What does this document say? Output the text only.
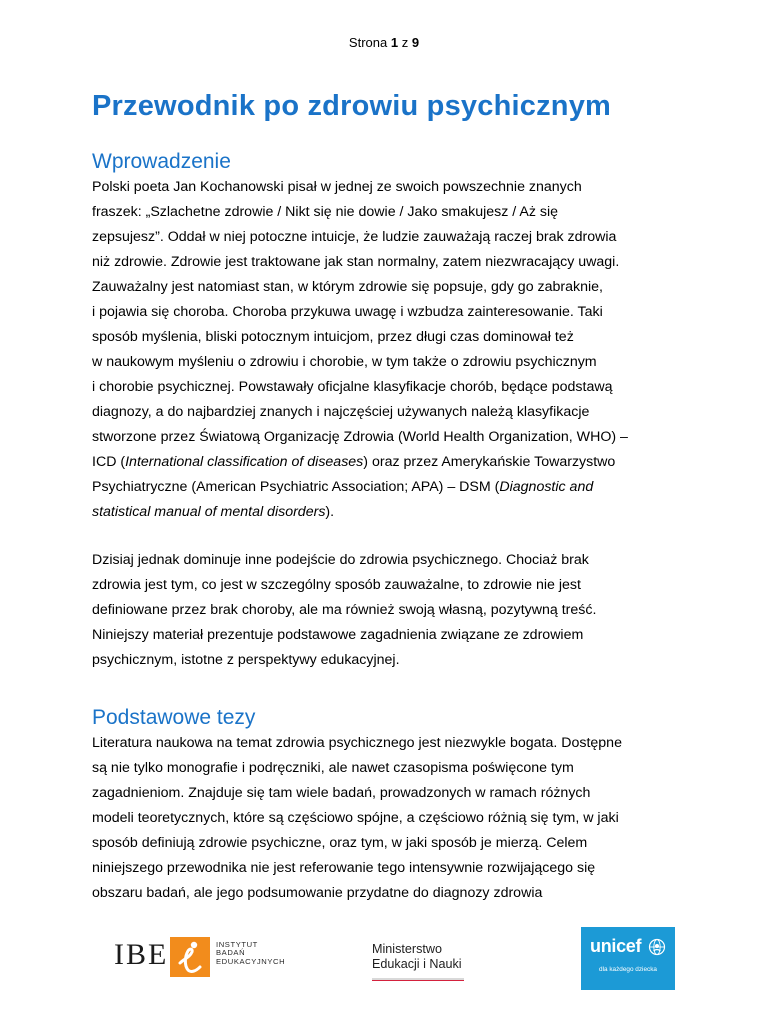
Strona 1 z 9
Przewodnik po zdrowiu psychicznym
Wprowadzenie
Polski poeta Jan Kochanowski pisał w jednej ze swoich powszechnie znanych
fraszek: „Szlachetne zdrowie / Nikt się nie dowie / Jako smakujesz / Aż się
zepsujesz”. Oddał w niej potoczne intuicje, że ludzie zauważają raczej brak zdrowia
niż zdrowie. Zdrowie jest traktowane jak stan normalny, zatem niezwracający uwagi.
Zauważalny jest natomiast stan, w którym zdrowie się popsuje, gdy go zabraknie,
i pojawia się choroba. Choroba przykuwa uwagę i wzbudza zainteresowanie. Taki
sposób myślenia, bliski potocznym intuicjom, przez długi czas dominował też
w naukowym myśleniu o zdrowiu i chorobie, w tym także o zdrowiu psychicznym
i chorobie psychicznej. Powstawały oficjalne klasyfikacje chorób, będące podstawą
diagnozy, a do najbardziej znanych i najczęściej używanych należą klasyfikacje
stworzone przez Światową Organizację Zdrowia (World Health Organization, WHO) –
ICD (International classification of diseases) oraz przez Amerykańskie Towarzystwo
Psychiatryczne (American Psychiatric Association; APA) – DSM (Diagnostic and
statistical manual of mental disorders).
Dzisiaj jednak dominuje inne podejście do zdrowia psychicznego. Chociaż brak
zdrowia jest tym, co jest w szczególny sposób zauważalne, to zdrowie nie jest
definiowane przez brak choroby, ale ma również swoją własną, pozytywną treść.
Niniejszy materiał prezentuje podstawowe zagadnienia związane ze zdrowiem
psychicznym, istotne z perspektywy edukacyjnej.
Podstawowe tezy
Literatura naukowa na temat zdrowia psychicznego jest niezwykle bogata. Dostępne
są nie tylko monografie i podręczniki, ale nawet czasopisma poświęcone tym
zagadnieniom. Znajduje się tam wiele badań, prowadzonych w ramach różnych
modeli teoretycznych, które są częściowo spójne, a częściowo różnią się tym, w jaki
sposób definiują zdrowie psychiczne, oraz tym, w jaki sposób je mierzą. Celem
niniejszego przewodnika nie jest referowanie tego intensywnie rozwijającego się
obszaru badań, ale jego podsumowanie przydatne do diagnozy zdrowia
IBE	INSTYTUT
BADAŃ
EDUKACYJNYCH
Ministerstwo
Edukacji i Nauki
unicef
dla każdego dziecka
